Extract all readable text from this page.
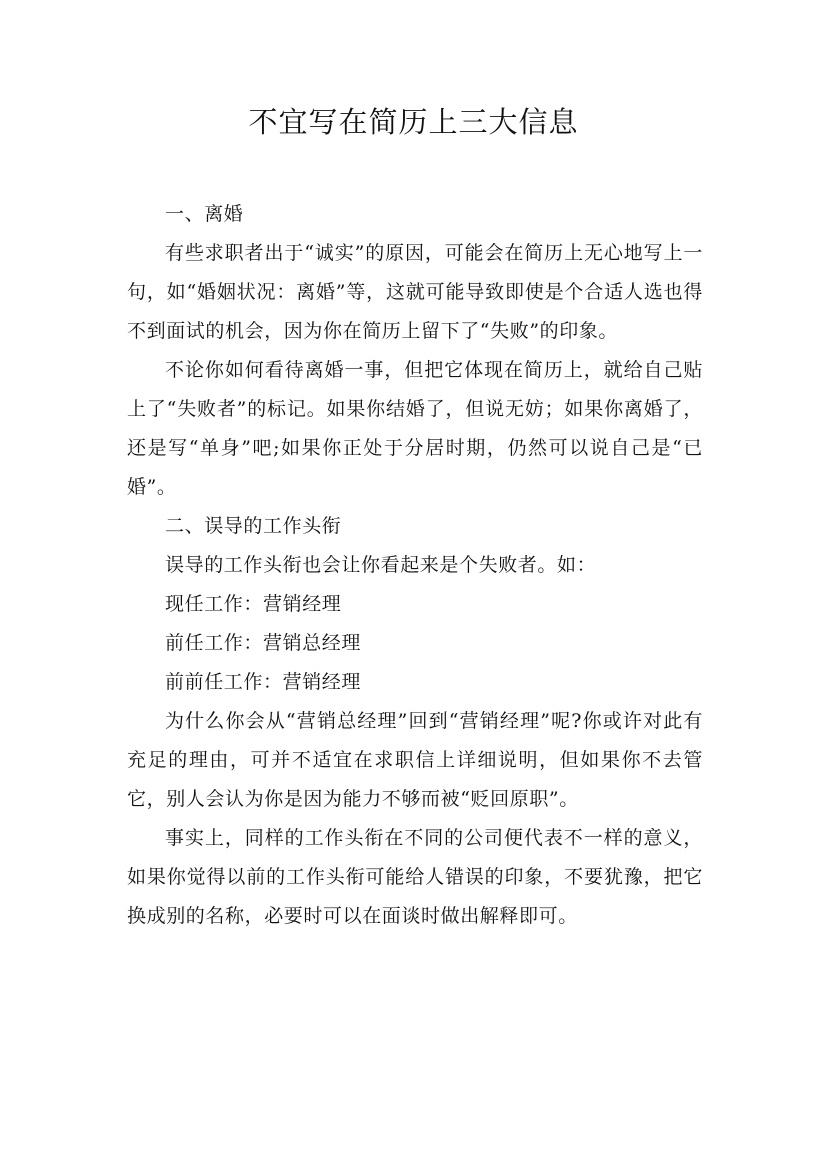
不宜写在简历上三大信息

一、离婚

有些求职者出于“诚实”的原因，可能会在简历上无心地写上一句，如“婚姻状况：离婚”等，这就可能导致即使是个合适人选也得不到面试的机会，因为你在简历上留下了“失败”的印象。

不论你如何看待离婚一事，但把它体现在简历上，就给自己贴上了“失败者”的标记。如果你结婚了，但说无妨；如果你离婚了，还是写“单身”吧;如果你正处于分居时期，仍然可以说自己是“已婚”。

二、误导的工作头衔

误导的工作头衔也会让你看起来是个失败者。如：

现任工作：营销经理

前任工作：营销总经理

前前任工作：营销经理

为什么你会从“营销总经理”回到“营销经理”呢?你或许对此有充足的理由，可并不适宜在求职信上详细说明，但如果你不去管它，别人会认为你是因为能力不够而被“贬回原职”。

事实上，同样的工作头衔在不同的公司便代表不一样的意义，如果你觉得以前的工作头衔可能给人错误的印象，不要犹豫，把它换成别的名称，必要时可以在面谈时做出解释即可。
